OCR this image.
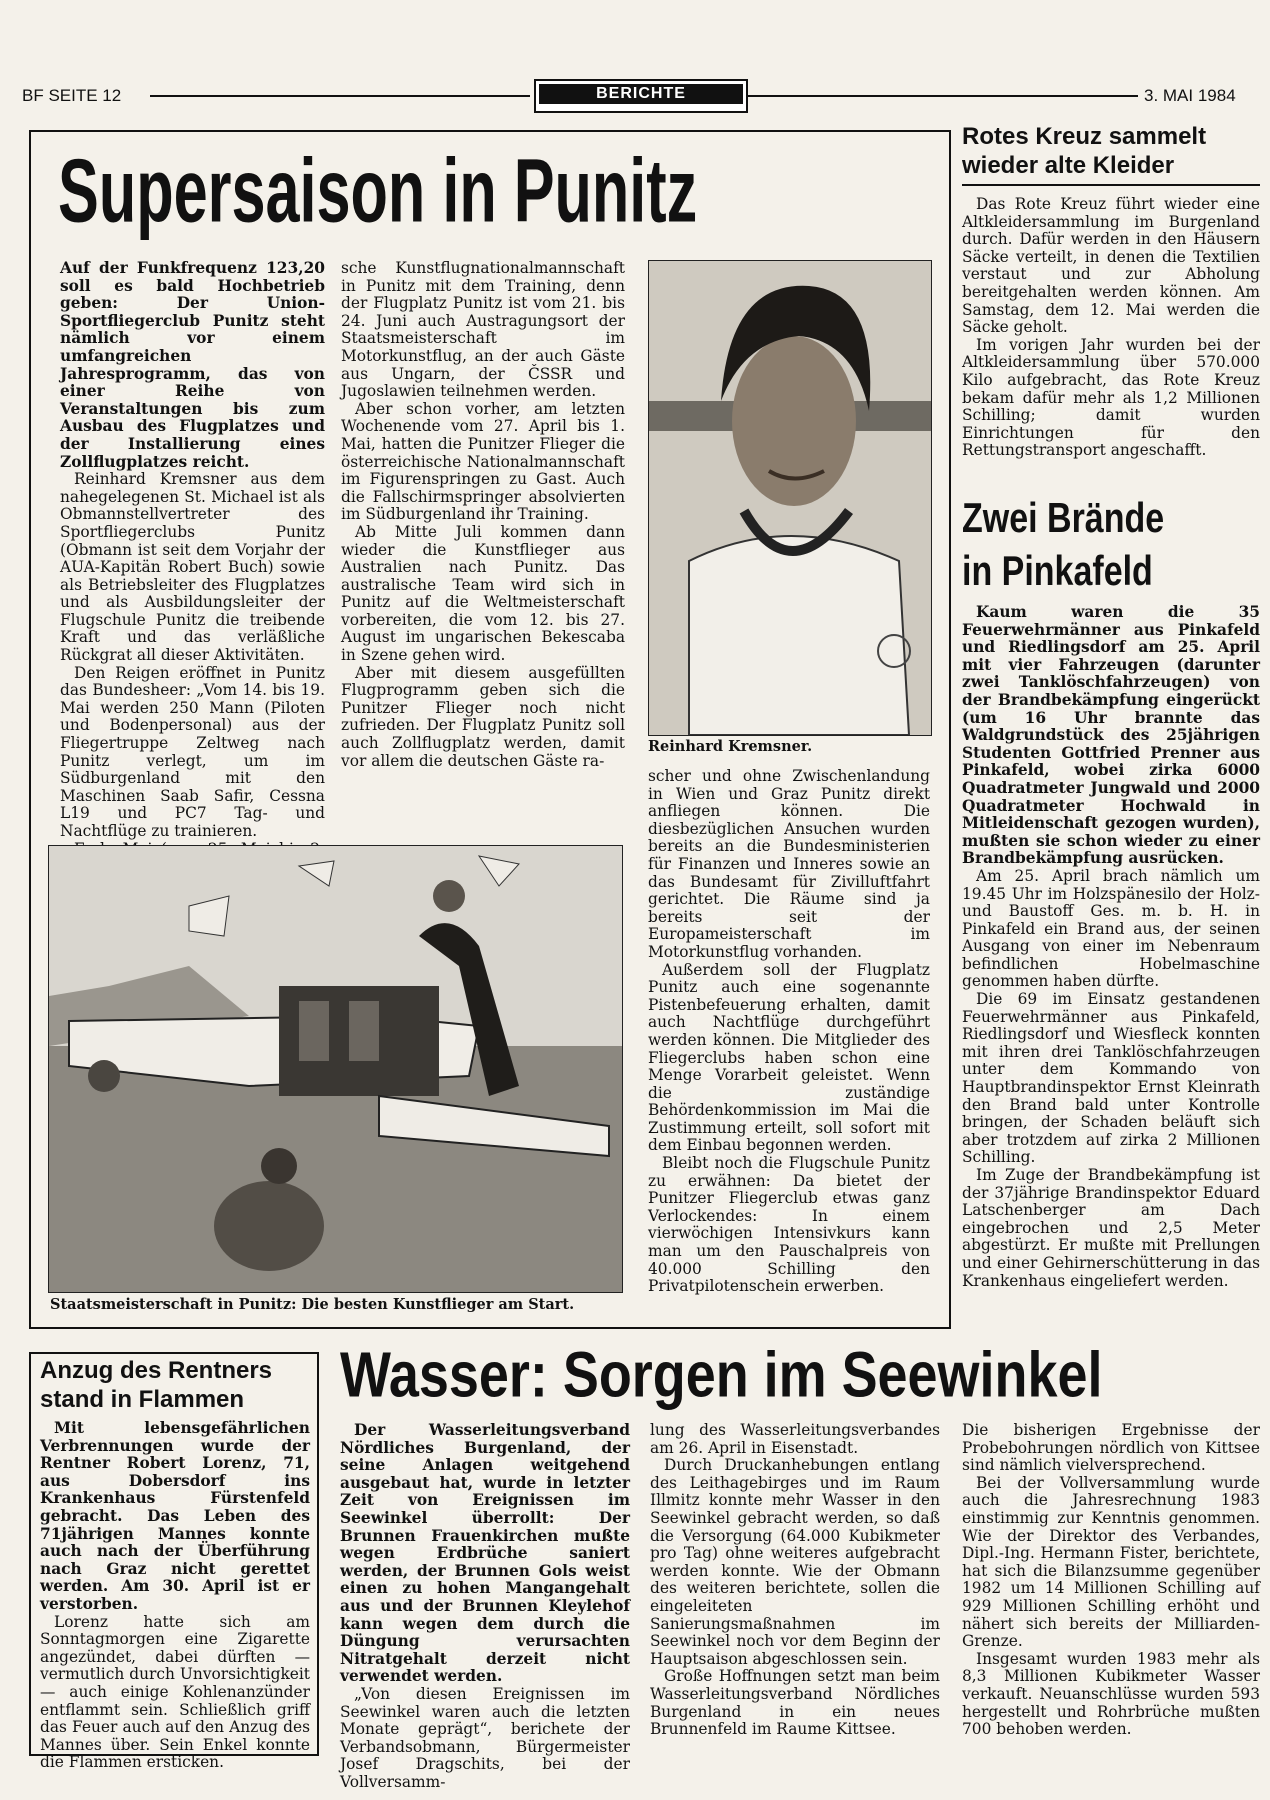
BF SEITE 12	BERICHTE	3. MAI 1984
Supersaison in Punitz

Auf der Funkfrequenz 123,20 soll es bald Hochbetrieb geben: Der Union-Sportfliegerclub Punitz steht nämlich vor einem umfangreichen Jahresprogramm, das von einer Reihe von Veranstaltungen bis zum Ausbau des Flugplatzes und der Installierung eines Zollflugplatzes reicht.

Reinhard Kremsner aus dem nahegelegenen St. Michael ist als Obmannstellvertreter des Sportfliegerclubs Punitz (Obmann ist seit dem Vorjahr der AUA-Kapitän Robert Buch) sowie als Betriebsleiter des Flugplatzes und als Ausbildungsleiter der Flugschule Punitz die treibende Kraft und das verläßliche Rückgrat all dieser Aktivitäten.

Den Reigen eröffnet in Punitz das Bundesheer: „Vom 14. bis 19. Mai werden 250 Mann (Piloten und Bodenpersonal) aus der Fliegertruppe Zeltweg nach Punitz verlegt, um im Südburgenland mit den Maschinen Saab Safir, Cessna L19 und PC7 Tag- und Nachtflüge zu trainieren.

sche Kunstflugnationalmannschaft in Punitz mit dem Training, denn der Flugplatz Punitz ist vom 21. bis 24. Juni auch Austragungsort der Staatsmeisterschaft im Motorkunstflug, an der auch Gäste aus Ungarn, der ČSSR und Jugoslawien teilnehmen werden.

Aber schon vorher, am letzten Wochenende vom 27. April bis 1. Mai, hatten die Punitzer Flieger die österreichische Nationalmannschaft im Figurenspringen zu Gast. Auch die Fallschirmspringer absolvierten im Südburgenland ihr Training.

Ab Mitte Juli kommen dann wieder die Kunstflieger aus Australien nach Punitz. Das australische Team wird sich in Punitz auf die Weltmeisterschaft vorbereiten, die vom 12. bis 27. August im ungarischen Bekescaba in Szene gehen wird.

Aber mit diesem ausgefüllten Flugprogramm geben sich die Punitzer Flieger noch nicht zufrieden. Der Flugplatz Punitz soll auch Zollflugplatz werden, damit vor allem die deutschen Gäste ra-

Reinhard Kremsner.

scher und ohne Zwischenlandung in Wien und Graz Punitz direkt anfliegen können. Die diesbezüglichen Ansuchen wurden bereits an die Bundesministerien für Finanzen und Inneres sowie an das Bundesamt für Zivilluftfahrt gerichtet. Die Räume sind ja bereits seit der Europameisterschaft im Motorkunstflug vorhanden.

Außerdem soll der Flugplatz Punitz auch eine sogenannte Pistenbefeuerung erhalten, damit auch Nachtflüge durchgeführt werden können. Die Mitglieder des Fliegerclubs haben schon eine Menge Vorarbeit geleistet. Wenn die zuständige Behördenkommission im Mai die Zustimmung erteilt, soll sofort mit dem Einbau begonnen werden.

Bleibt noch die Flugschule Punitz zu erwähnen: Da bietet der Punitzer Fliegerclub etwas ganz Verlockendes: In einem vierwöchigen Intensivkurs kann man um den Pauschalpreis von 40.000 Schilling den Privatpilotenschein erwerben.

Staatsmeisterschaft in Punitz: Die besten Kunstflieger am Start.
Rotes Kreuz sammelt wieder alte Kleider

Das Rote Kreuz führt wieder eine Altkleidersammlung im Burgenland durch. Dafür werden in den Häusern Säcke verteilt, in denen die Textilien verstaut und zur Abholung bereitgehalten werden können. Am Samstag, dem 12. Mai werden die Säcke geholt.

Im vorigen Jahr wurden bei der Altkleidersammlung über 570.000 Kilo aufgebracht, das Rote Kreuz bekam dafür mehr als 1,2 Millionen Schilling; damit wurden Einrichtungen für den Rettungstransport angeschafft.

Zwei Brände
in Pinkafeld

Kaum waren die 35 Feuerwehrmänner aus Pinkafeld und Riedlingsdorf am 25. April mit vier Fahrzeugen (darunter zwei Tanklöschfahrzeugen) von der Brandbekämpfung eingerückt (um 16 Uhr brannte das Waldgrundstück des 25jährigen Studenten Gottfried Prenner aus Pinkafeld, wobei zirka 6000 Quadratmeter Jungwald und 2000 Quadratmeter Hochwald in Mitleidenschaft gezogen wurden), mußten sie schon wieder zu einer Brandbekämpfung ausrücken.

Am 25. April brach nämlich um 19.45 Uhr im Holzspänesilo der Holz- und Baustoff Ges. m. b. H. in Pinkafeld ein Brand aus, der seinen Ausgang von einer im Nebenraum befindlichen Hobelmaschine genommen haben dürfte.

Die 69 im Einsatz gestandenen Feuerwehrmänner aus Pinkafeld, Riedlingsdorf und Wiesfleck konnten mit ihren drei Tanklöschfahrzeugen unter dem Kommando von Hauptbrandinspektor Ernst Kleinrath den Brand bald unter Kontrolle bringen, der Schaden beläuft sich aber trotzdem auf zirka 2 Millionen Schilling.

Im Zuge der Brandbekämpfung ist der 37jährige Brandinspektor Eduard Latschenberger am Dach eingebrochen und 2,5 Meter abgestürzt. Er mußte mit Prellungen und einer Gehirnerschütterung in das Krankenhaus eingeliefert werden.

Anzug des Rentners stand in Flammen

Mit lebensgefährlichen Verbrennungen wurde der Rentner Robert Lorenz, 71, aus Dobersdorf ins Krankenhaus Fürstenfeld gebracht. Das Leben des 71jährigen Mannes konnte auch nach der Überführung nach Graz nicht gerettet werden. Am 30. April ist er verstorben.

Lorenz hatte sich am Sonntagmorgen eine Zigarette angezündet, dabei dürften — vermutlich durch Unvorsichtigkeit — auch einige Kohlenanzünder entflammt sein. Schließlich griff das Feuer auch auf den Anzug des Mannes über. Sein Enkel konnte die Flammen ersticken.

Wasser: Sorgen im Seewinkel

Der Wasserleitungsverband Nördliches Burgenland, der seine Anlagen weitgehend ausgebaut hat, wurde in letzter Zeit von Ereignissen im Seewinkel überrollt: Der Brunnen Frauenkirchen mußte wegen Erdbrüche saniert werden, der Brunnen Gols weist einen zu hohen Mangangehalt aus und der Brunnen Kleylehof kann wegen dem durch die Düngung verursachten Nitratgehalt derzeit nicht verwendet werden.

„Von diesen Ereignissen im Seewinkel waren auch die letzten Monate geprägt“, berichete der Verbandsobmann, Bürgermeister Josef Dragschits, bei der Vollversamm-

lung des Wasserleitungsverbandes am 26. April in Eisenstadt.

Durch Druckanhebungen entlang des Leithagebirges und im Raum Illmitz konnte mehr Wasser in den Seewinkel gebracht werden, so daß die Versorgung (64.000 Kubikmeter pro Tag) ohne weiteres aufgebracht werden konnte. Wie der Obmann des weiteren berichtete, sollen die eingeleiteten Sanierungsmaßnahmen im Seewinkel noch vor dem Beginn der Hauptsaison abgeschlossen sein.

Große Hoffnungen setzt man beim Wasserleitungsverband Nördliches Burgenland in ein neues Brunnenfeld im Raume Kittsee.

Die bisherigen Ergebnisse der Probebohrungen nördlich von Kittsee sind nämlich vielversprechend.

Bei der Vollversammlung wurde auch die Jahresrechnung 1983 einstimmig zur Kenntnis genommen. Wie der Direktor des Verbandes, Dipl.-Ing. Hermann Fister, berichtete, hat sich die Bilanzsumme gegenüber 1982 um 14 Millionen Schilling auf 929 Millionen Schilling erhöht und nähert sich bereits der Milliarden-Grenze.

Insgesamt wurden 1983 mehr als 8,3 Millionen Kubikmeter Wasser verkauft. Neuanschlüsse wurden 593 hergestellt und Rohrbrüche mußten 700 behoben werden.
